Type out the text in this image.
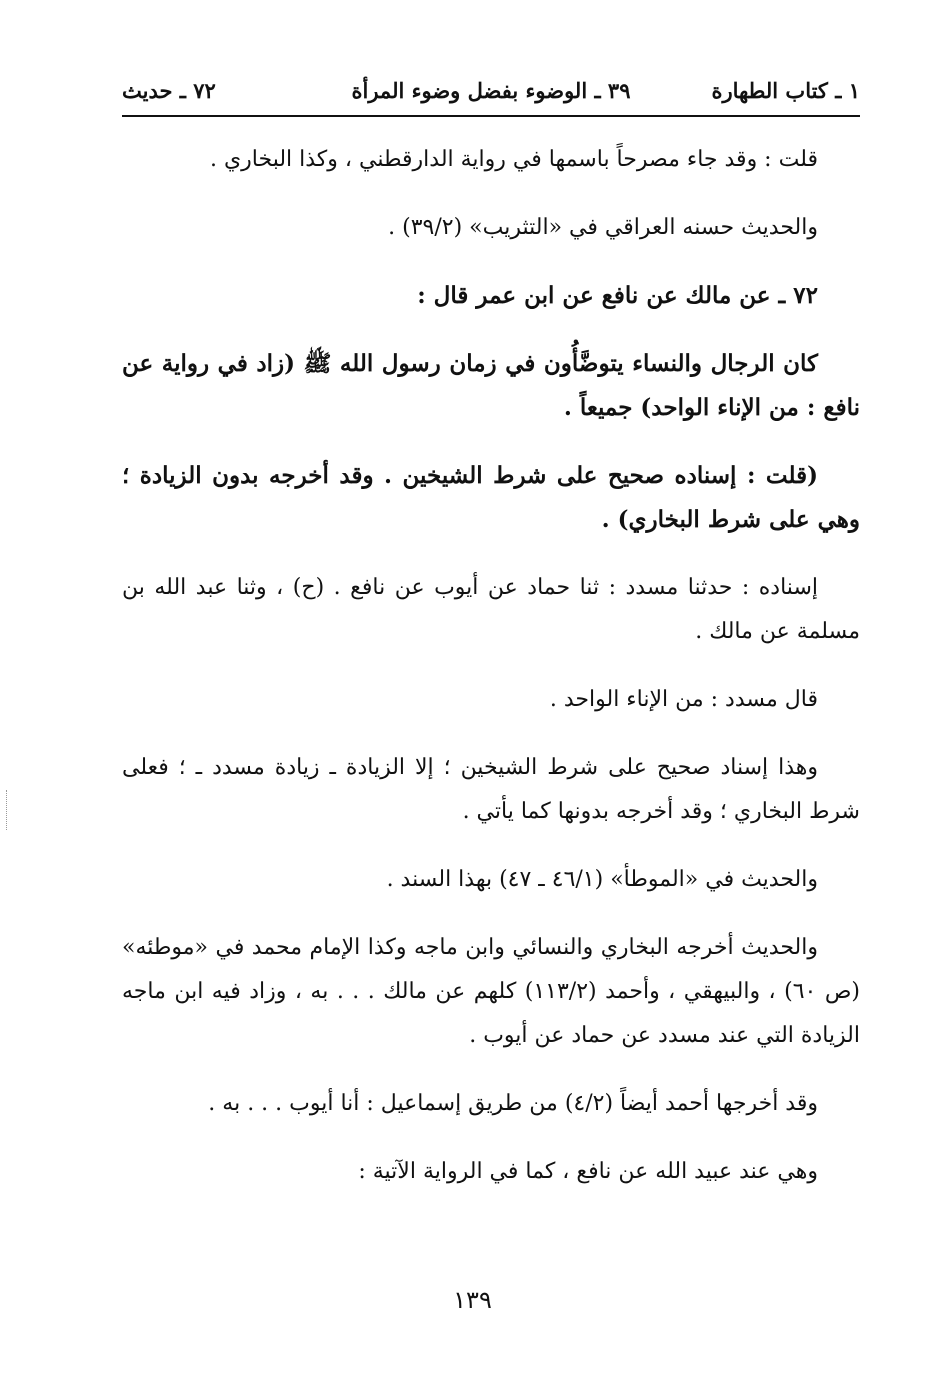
١ ـ كتاب الطهارة
٣٩ ـ الوضوء بفضل وضوء المرأة
٧٢ ـ حديث

قلت : وقد جاء مصرحاً باسمها في رواية الدارقطني ، وكذا البخاري .

والحديث حسنه العراقي في «التثريب» (٣٩/٢) .

٧٢ ـ عن مالك عن نافع عن ابن عمر قال :

كان الرجال والنساء يتوضَّأُون في زمان رسول الله ﷺ (زاد في رواية عن نافع : من الإناء الواحد) جميعاً .

(قلت : إسناده صحيح على شرط الشيخين . وقد أخرجه بدون الزيادة ؛ وهي على شرط البخاري) .

إسناده : حدثنا مسدد : ثنا حماد عن أيوب عن نافع . (ح) ، وثنا عبد الله بن مسلمة عن مالك .

قال مسدد : من الإناء الواحد .

وهذا إسناد صحيح على شرط الشيخين ؛ إلا الزيادة ـ زيادة مسدد ـ ؛ فعلى شرط البخاري ؛ وقد أخرجه بدونها كما يأتي .

والحديث في «الموطأ» (٤٦/١ ـ ٤٧) بهذا السند .

والحديث أخرجه البخاري والنسائي وابن ماجه وكذا الإمام محمد في «موطئه» (ص ٦٠) ، والبيهقي ، وأحمد (١١٣/٢) كلهم عن مالك . . . به ، وزاد فيه ابن ماجه الزيادة التي عند مسدد عن حماد عن أيوب .

وقد أخرجها أحمد أيضاً (٤/٢) من طريق إسماعيل : أنا أيوب . . . به .

وهي عند عبيد الله عن نافع ، كما في الرواية الآتية :

١٣٩
